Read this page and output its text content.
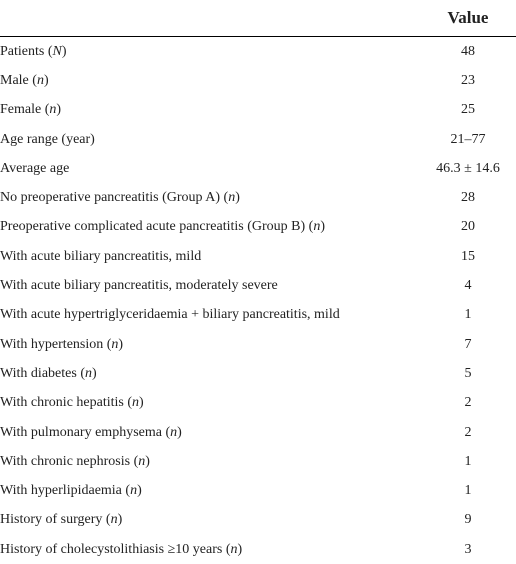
	Value

Patients (N)	48
Male (n)	23
Female (n)	25
Age range (year)	21–77
Average age	46.3 ± 14.6
No preoperative pancreatitis (Group A) (n)	28
Preoperative complicated acute pancreatitis (Group B) (n)	20
With acute biliary pancreatitis, mild	15
With acute biliary pancreatitis, moderately severe	4
With acute hypertriglyceridaemia + biliary pancreatitis, mild	1
With hypertension (n)	7
With diabetes (n)	5
With chronic hepatitis (n)	2
With pulmonary emphysema (n)	2
With chronic nephrosis (n)	1
With hyperlipidaemia (n)	1
History of surgery (n)	9
History of cholecystolithiasis ≥10 years (n)	3
